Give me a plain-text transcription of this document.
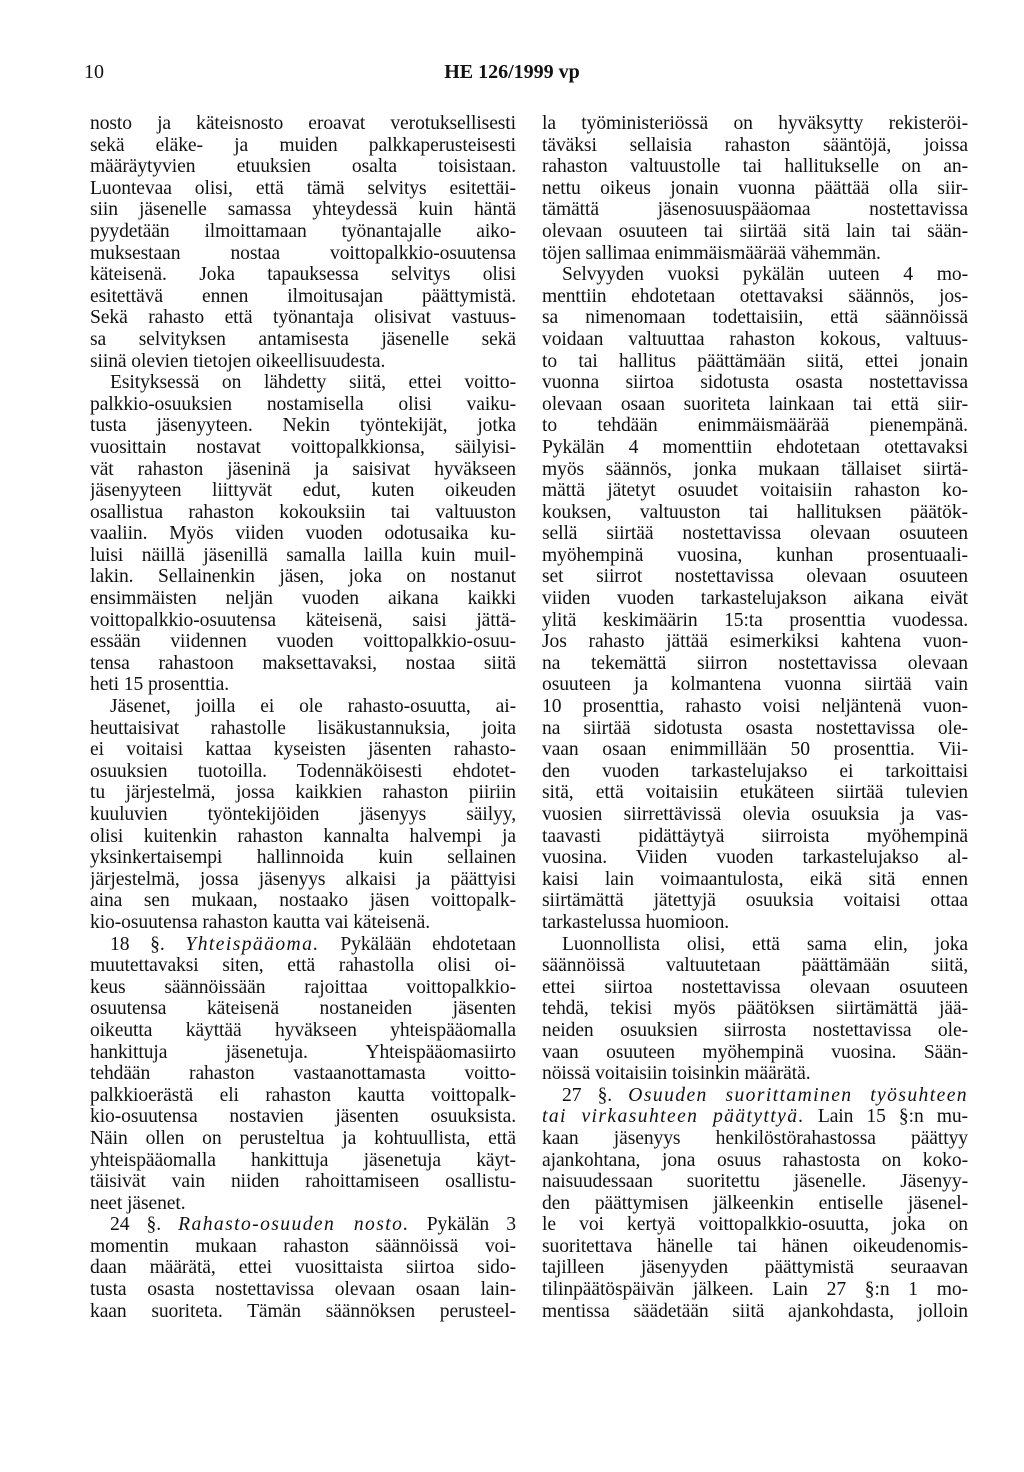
10	HE 126/1999 vp
nosto ja käteisnosto eroavat verotuksellisesti
sekä eläke- ja muiden palkkaperusteisesti
määräytyvien etuuksien osalta toisistaan.
Luontevaa olisi, että tämä selvitys esitettäi-
siin jäsenelle samassa yhteydessä kuin häntä
pyydetään ilmoittamaan työnantajalle aiko-
muksestaan nostaa voittopalkkio-osuutensa
käteisenä. Joka tapauksessa selvitys olisi
esitettävä ennen ilmoitusajan päättymistä.
Sekä rahasto että työnantaja olisivat vastuus-
sa selvityksen antamisesta jäsenelle sekä
siinä olevien tietojen oikeellisuudesta.
Esityksessä on lähdetty siitä, ettei voitto-
palkkio-osuuksien nostamisella olisi vaiku-
tusta jäsenyyteen. Nekin työntekijät, jotka
vuosittain nostavat voittopalkkionsa, säilyisi-
vät rahaston jäseninä ja saisivat hyväkseen
jäsenyyteen liittyvät edut, kuten oikeuden
osallistua rahaston kokouksiin tai valtuuston
vaaliin. Myös viiden vuoden odotusaika ku-
luisi näillä jäsenillä samalla lailla kuin muil-
lakin. Sellainenkin jäsen, joka on nostanut
ensimmäisten neljän vuoden aikana kaikki
voittopalkkio-osuutensa käteisenä, saisi jättä-
essään viidennen vuoden voittopalkkio-osuu-
tensa rahastoon maksettavaksi, nostaa siitä
heti 15 prosenttia.
Jäsenet, joilla ei ole rahasto-osuutta, ai-
heuttaisivat rahastolle lisäkustannuksia, joita
ei voitaisi kattaa kyseisten jäsenten rahasto-
osuuksien tuotoilla. Todennäköisesti ehdotet-
tu järjestelmä, jossa kaikkien rahaston piiriin
kuuluvien työntekijöiden jäsenyys säilyy,
olisi kuitenkin rahaston kannalta halvempi ja
yksinkertaisempi hallinnoida kuin sellainen
järjestelmä, jossa jäsenyys alkaisi ja päättyisi
aina sen mukaan, nostaako jäsen voittopalk-
kio-osuutensa rahaston kautta vai käteisenä.
18 §. Yhteispääoma. Pykälään ehdotetaan
muutettavaksi siten, että rahastolla olisi oi-
keus säännöissään rajoittaa voittopalkkio-
osuutensa käteisenä nostaneiden jäsenten
oikeutta käyttää hyväkseen yhteispääomalla
hankittuja jäsenetuja. Yhteispääomasiirto
tehdään rahaston vastaanottamasta voitto-
palkkioerästä eli rahaston kautta voittopalk-
kio-osuutensa nostavien jäsenten osuuksista.
Näin ollen on perusteltua ja kohtuullista, että
yhteispääomalla hankittuja jäsenetuja käyt-
täisivät vain niiden rahoittamiseen osallistu-
neet jäsenet.
24 §. Rahasto-osuuden nosto. Pykälän 3
momentin mukaan rahaston säännöissä voi-
daan määrätä, ettei vuosittaista siirtoa sido-
tusta osasta nostettavissa olevaan osaan lain-
kaan suoriteta. Tämän säännöksen perusteel-
la työministeriössä on hyväksytty rekisteröi-
täväksi sellaisia rahaston sääntöjä, joissa
rahaston valtuustolle tai hallitukselle on an-
nettu oikeus jonain vuonna päättää olla siir-
tämättä jäsenosuuspääomaa nostettavissa
olevaan osuuteen tai siirtää sitä lain tai sään-
töjen sallimaa enimmäismäärää vähemmän.
Selvyyden vuoksi pykälän uuteen 4 mo-
menttiin ehdotetaan otettavaksi säännös, jos-
sa nimenomaan todettaisiin, että säännöissä
voidaan valtuuttaa rahaston kokous, valtuus-
to tai hallitus päättämään siitä, ettei jonain
vuonna siirtoa sidotusta osasta nostettavissa
olevaan osaan suoriteta lainkaan tai että siir-
to tehdään enimmäismäärää pienempänä.
Pykälän 4 momenttiin ehdotetaan otettavaksi
myös säännös, jonka mukaan tällaiset siirtä-
mättä jätetyt osuudet voitaisiin rahaston ko-
kouksen, valtuuston tai hallituksen päätök-
sellä siirtää nostettavissa olevaan osuuteen
myöhempinä vuosina, kunhan prosentuaali-
set siirrot nostettavissa olevaan osuuteen
viiden vuoden tarkastelujakson aikana eivät
ylitä keskimäärin 15:ta prosenttia vuodessa.
Jos rahasto jättää esimerkiksi kahtena vuon-
na tekemättä siirron nostettavissa olevaan
osuuteen ja kolmantena vuonna siirtää vain
10 prosenttia, rahasto voisi neljäntenä vuon-
na siirtää sidotusta osasta nostettavissa ole-
vaan osaan enimmillään 50 prosenttia. Vii-
den vuoden tarkastelujakso ei tarkoittaisi
sitä, että voitaisiin etukäteen siirtää tulevien
vuosien siirrettävissä olevia osuuksia ja vas-
taavasti pidättäytyä siirroista myöhempinä
vuosina. Viiden vuoden tarkastelujakso al-
kaisi lain voimaantulosta, eikä sitä ennen
siirtämättä jätettyjä osuuksia voitaisi ottaa
tarkastelussa huomioon.
Luonnollista olisi, että sama elin, joka
säännöissä valtuutetaan päättämään siitä,
ettei siirtoa nostettavissa olevaan osuuteen
tehdä, tekisi myös päätöksen siirtämättä jää-
neiden osuuksien siirrosta nostettavissa ole-
vaan osuuteen myöhempinä vuosina. Sään-
nöissä voitaisiin toisinkin määrätä.
27 §. Osuuden suorittaminen työsuhteen
tai virkasuhteen päätyttyä. Lain 15 §:n mu-
kaan jäsenyys henkilöstörahastossa päättyy
ajankohtana, jona osuus rahastosta on koko-
naisuudessaan suoritettu jäsenelle. Jäsenyy-
den päättymisen jälkeenkin entiselle jäsenel-
le voi kertyä voittopalkkio-osuutta, joka on
suoritettava hänelle tai hänen oikeudenomis-
tajilleen jäsenyyden päättymistä seuraavan
tilinpäätöspäivän jälkeen. Lain 27 §:n 1 mo-
mentissa säädetään siitä ajankohdasta, jolloin
